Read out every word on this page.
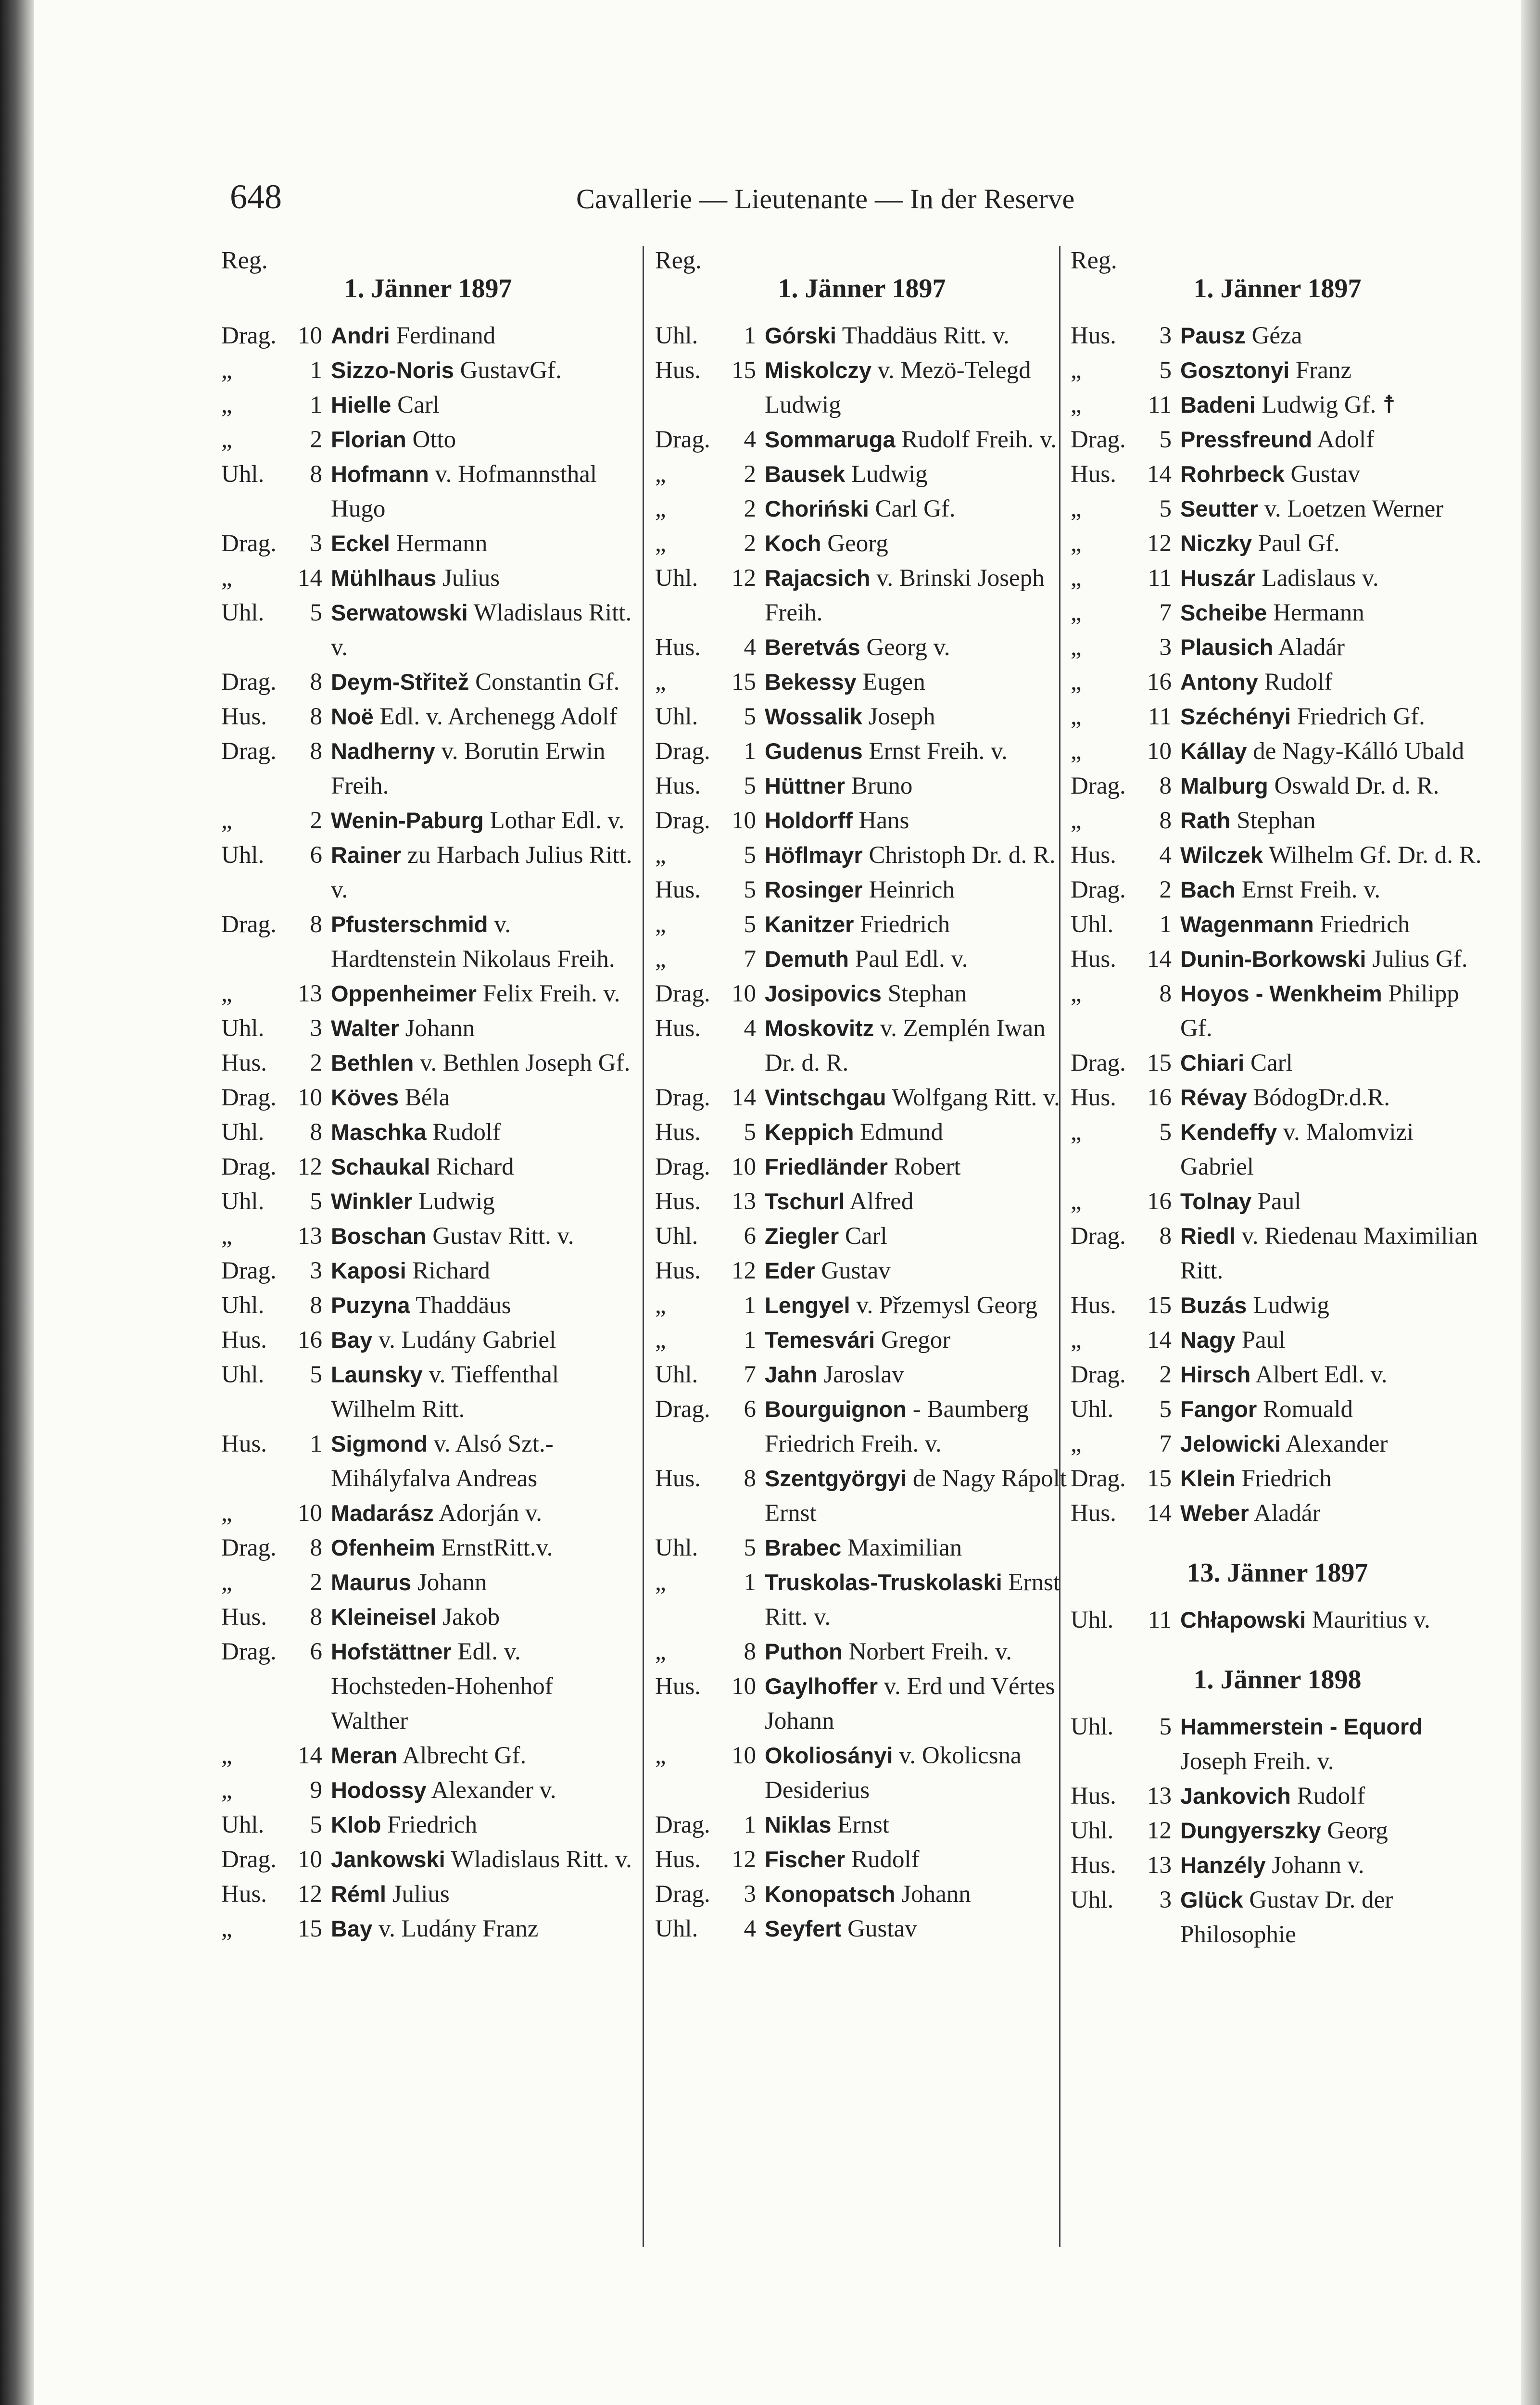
648	Cavallerie — Lieutenante — In der Reserve
Reg.
1. Jänner 1897
Drag. 10 Andri Ferdinand
„	1 Sizzo-Noris GustavGf.
„	1 Hielle Carl
„	2 Florian Otto
Uhl.	8 Hofmann v. Hofmannsthal Hugo
Drag.	3 Eckel Hermann
„	14 Mühlhaus Julius
Uhl.	5 Serwatowski Wladislaus Ritt. v.
Drag.	8 Deym-Střitež Constantin Gf.
Hus.	8 Noë Edl. v. Archenegg Adolf
Drag.	8 Nadherny v. Borutin Erwin Freih.
„	2 Wenin-Paburg Lothar Edl. v.
Uhl.	6 Rainer zu Harbach Julius Ritt. v.
Drag.	8 Pfusterschmid v. Hardtenstein Nikolaus Freih.
„	13 Oppenheimer Felix Freih. v.
Uhl.	3 Walter Johann
Hus.	2 Bethlen v. Bethlen Joseph Gf.
Drag. 10 Köves Béla
Uhl.	8 Maschka Rudolf
Drag. 12 Schaukal Richard
Uhl.	5 Winkler Ludwig
„	13 Boschan Gustav Ritt. v.
Drag.	3 Kaposi Richard
Uhl.	8 Puzyna Thaddäus
Hus.	16 Bay v. Ludány Gabriel
Uhl.	5 Launsky v. Tieffenthal Wilhelm Ritt.
Hus.	1 Sigmond v. Alsó Szt.-Mihályfalva Andreas
„	10 Madarász Adorján v.
Drag.	8 Ofenheim ErnstRitt.v.
„	2 Maurus Johann
Hus.	8 Kleineisel Jakob
Drag.	6 Hofstättner Edl. v. Hochsteden-Hohenhof Walther
„	14 Meran Albrecht Gf.
„	9 Hodossy Alexander v.
Uhl.	5 Klob Friedrich
Drag. 10 Jankowski Wladislaus Ritt. v.
Hus.	12 Réml Julius
„	15 Bay v. Ludány Franz
Reg.
1. Jänner 1897
Uhl.	1 Górski Thaddäus Ritt. v.
Hus.	15 Miskolczy v. Mezö-Telegd Ludwig
Drag.	4 Sommaruga Rudolf Freih. v.
„	2 Bausek Ludwig
„	2 Choriński Carl Gf.
„	2 Koch Georg
Uhl.	12 Rajacsich v. Brinski Joseph Freih.
Hus.	4 Beretvás Georg v.
„	15 Bekessy Eugen
Uhl.	5 Wossalik Joseph
Drag.	1 Gudenus Ernst Freih. v.
Hus.	5 Hüttner Bruno
Drag. 10 Holdorff Hans
„	5 Höflmayr Christoph Dr. d. R.
Hus.	5 Rosinger Heinrich
„	5 Kanitzer Friedrich
„	7 Demuth Paul Edl. v.
Drag. 10 Josipovics Stephan
Hus.	4 Moskovitz v. Zemplén Iwan Dr. d. R.
Drag. 14 Vintschgau Wolfgang Ritt. v.
Hus.	5 Keppich Edmund
Drag. 10 Friedländer Robert
Hus.	13 Tschurl Alfred
Uhl.	6 Ziegler Carl
Hus.	12 Eder Gustav
„	1 Lengyel v. Přzemysl Georg
„	1 Temesvári Gregor
Uhl.	7 Jahn Jaroslav
Drag.	6 Bourguignon - Baumberg Friedrich Freih. v.
Hus.	8 Szentgyörgyi de Nagy Rápolt Ernst
Uhl.	5 Brabec Maximilian
„	1 Truskolas-Truskolaski Ernst Ritt. v.
„	8 Puthon Norbert Freih. v.
Hus.	10 Gaylhoffer v. Erd und Vértes Johann
„	10 Okoliosányi v. Okolicsna Desiderius
Drag.	1 Niklas Ernst
Hus.	12 Fischer Rudolf
Drag.	3 Konopatsch Johann
Uhl.	4 Seyfert Gustav
Reg.
1. Jänner 1897
Hus.	3 Pausz Géza
„	5 Gosztonyi Franz
„	11 Badeni Ludwig Gf. ☨
Drag.	5 Pressfreund Adolf
Hus.	14 Rohrbeck Gustav
„	5 Seutter v. Loetzen Werner
„	12 Niczky Paul Gf.
„	11 Huszár Ladislaus v.
„	7 Scheibe Hermann
„	3 Plausich Aladár
„	16 Antony Rudolf
„	11 Széchényi Friedrich Gf.
„	10 Kállay de Nagy-Kálló Ubald
Drag.	8 Malburg Oswald Dr. d. R.
„	8 Rath Stephan
Hus.	4 Wilczek Wilhelm Gf. Dr. d. R.
Drag.	2 Bach Ernst Freih. v.
Uhl.	1 Wagenmann Friedrich
Hus.	14 Dunin-Borkowski Julius Gf.
„	8 Hoyos - Wenkheim Philipp Gf.
Drag. 15 Chiari Carl
Hus.	16 Révay BódogDr.d.R.
„	5 Kendeffy v. Malomvizi Gabriel
„	16 Tolnay Paul
Drag.	8 Riedl v. Riedenau Maximilian Ritt.
Hus.	15 Buzás Ludwig
„	14 Nagy Paul
Drag.	2 Hirsch Albert Edl. v.
Uhl.	5 Fangor Romuald
„	7 Jelowicki Alexander
Drag. 15 Klein Friedrich
Hus.	14 Weber Aladár
13. Jänner 1897
Uhl.	11 Chłapowski Mauritius v.
1. Jänner 1898
Uhl.	5 Hammerstein - Equord Joseph Freih. v.
Hus.	13 Jankovich Rudolf
Uhl.	12 Dungyerszky Georg
Hus.	13 Hanzély Johann v.
Uhl.	3 Glück Gustav Dr. der Philosophie
